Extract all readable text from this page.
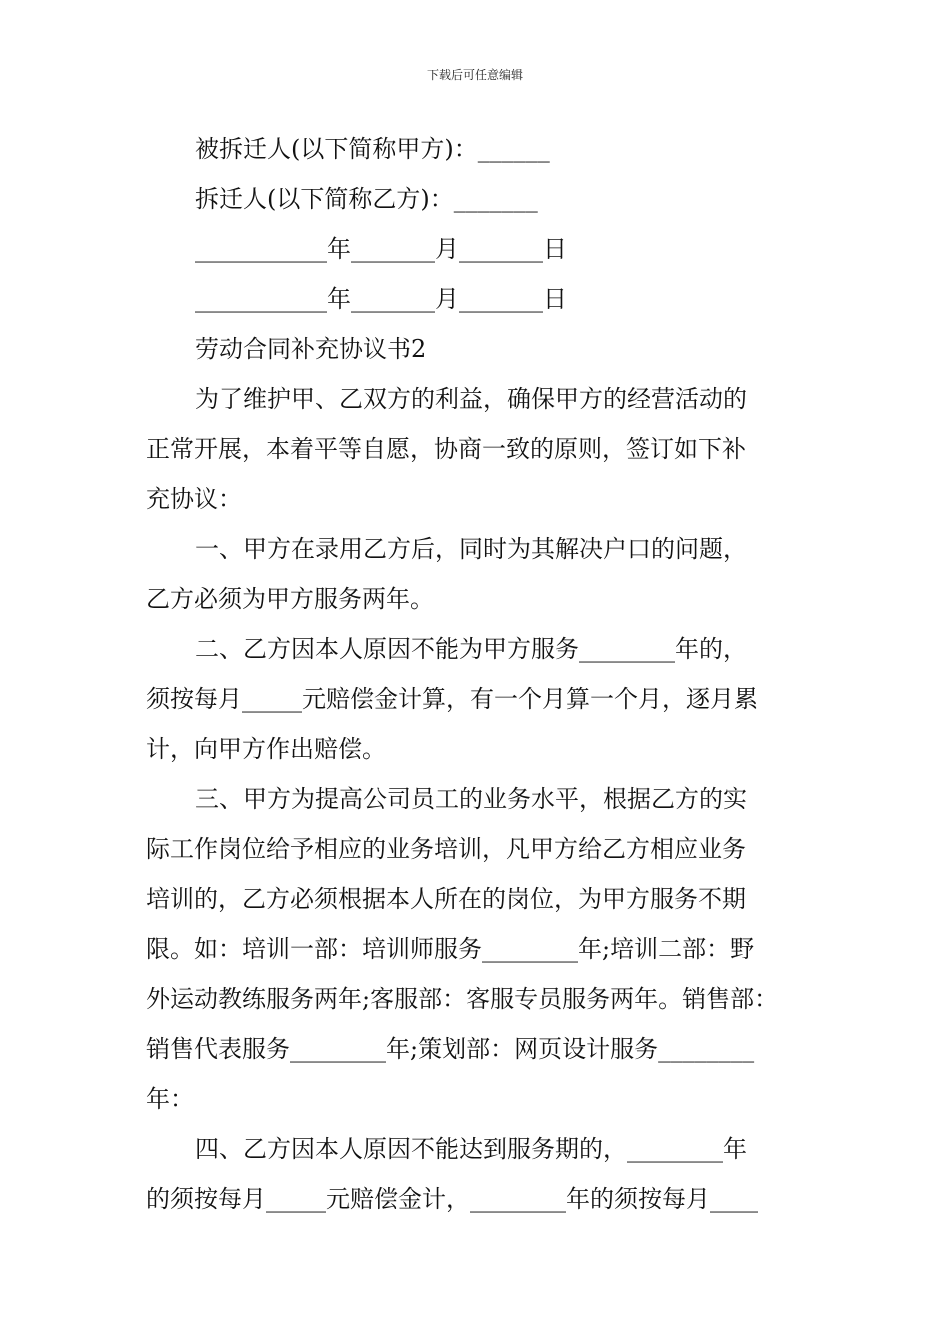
下载后可任意编辑

被拆迁人(以下简称甲方)：______

拆迁人(以下简称乙方)：_______

___________年_______月_______日

___________年_______月_______日

劳动合同补充协议书2

为了维护甲、乙双方的利益，确保甲方的经营活动的
正常开展，本着平等自愿，协商一致的原则，签订如下补
充协议：
一、甲方在录用乙方后，同时为其解决户口的问题，
乙方必须为甲方服务两年。
二、乙方因本人原因不能为甲方服务________年的，
须按每月_____元赔偿金计算，有一个月算一个月，逐月累
计，向甲方作出赔偿。
三、甲方为提高公司员工的业务水平，根据乙方的实
际工作岗位给予相应的业务培训，凡甲方给乙方相应业务
培训的，乙方必须根据本人所在的岗位，为甲方服务不期
限。如：培训一部：培训师服务________年;培训二部：野
外运动教练服务两年;客服部：客服专员服务两年。销售部：
销售代表服务________年;策划部：网页设计服务________
年：
四、乙方因本人原因不能达到服务期的，________年
的须按每月_____元赔偿金计，________年的须按每月____
